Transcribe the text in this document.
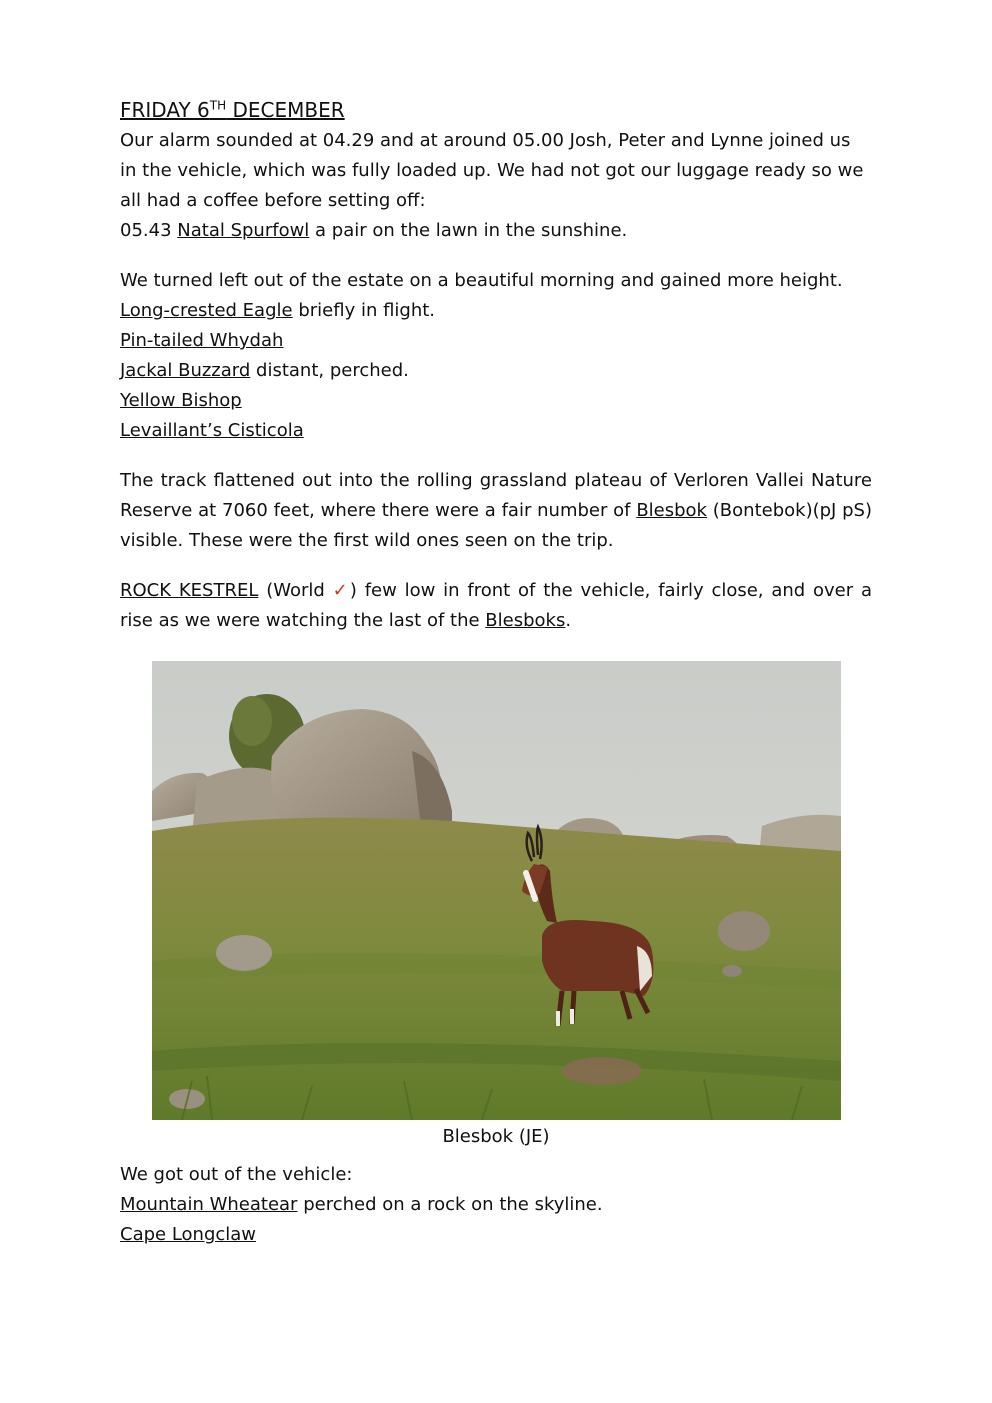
FRIDAY 6TH DECEMBER

Our alarm sounded at 04.29 and at around 05.00 Josh, Peter and Lynne joined us in the vehicle, which was fully loaded up. We had not got our luggage ready so we all had a coffee before setting off:

05.43 Natal Spurfowl a pair on the lawn in the sunshine.

We turned left out of the estate on a beautiful morning and gained more height.

Long-crested Eagle briefly in flight.

Pin-tailed Whydah

Jackal Buzzard distant, perched.

Yellow Bishop

Levaillant’s Cisticola

The track flattened out into the rolling grassland plateau of Verloren Vallei Nature Reserve at 7060 feet, where there were a fair number of Blesbok (Bontebok)(pJ pS) visible. These were the first wild ones seen on the trip.

ROCK KESTREL (World ✓) few low in front of the vehicle, fairly close, and over a rise as we were watching the last of the Blesboks.

Blesbok (JE)

We got out of the vehicle:

Mountain Wheatear perched on a rock on the skyline.

Cape Longclaw
